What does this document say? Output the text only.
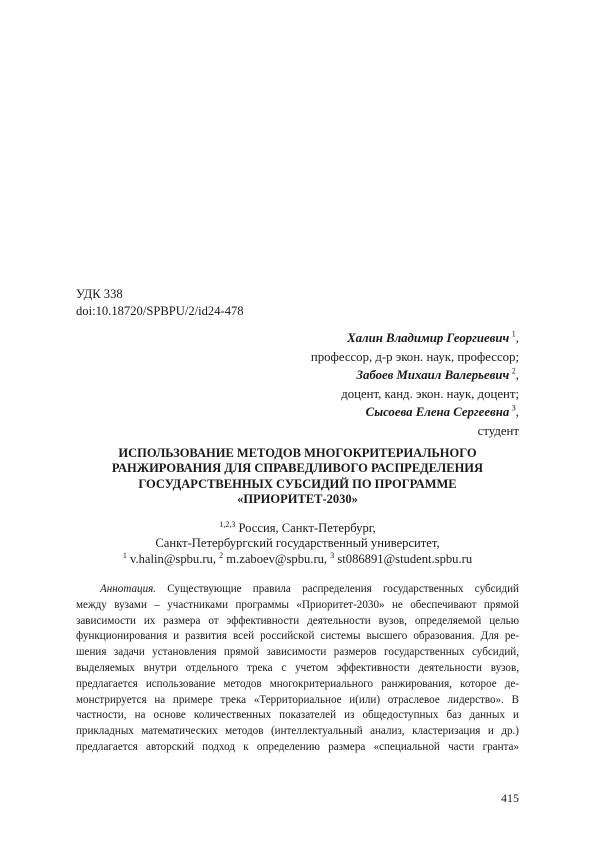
УДК 338
doi:10.18720/SPBPU/2/id24-478
Халин Владимир Георгиевич  $^1$,
профессор, д-р экон. наук, профессор;
Забоев Михаил Валерьевич  $^2$,
доцент, канд. экон. наук, доцент;
Сысоева Елена Сергеевна  $^3$,
студент
ИСПОЛЬЗОВАНИЕ МЕТОДОВ МНОГОКРИТЕРИАЛЬНОГО
РАНЖИРОВАНИЯ ДЛЯ СПРАВЕДЛИВОГО РАСПРЕДЕЛЕНИЯ
ГОСУДАРСТВЕННЫХ СУБСИДИЙ ПО ПРОГРАММЕ
«ПРИОРИТЕТ-2030»
$^{1,2,3}$ Россия, Санкт-Петербург,
Санкт-Петербургский государственный университет,
$^1$ v.halin@spbu.ru, $^2$ m.zaboev@spbu.ru, $^3$ st086891@student.spbu.ru
Аннотация. Существующие правила распределения государственных субсидий
между вузами – участниками программы «Приоритет-2030» не обеспечивают прямой
зависимости их размера от эффективности деятельности вузов, определяемой целью
функционирования и развития всей российской системы высшего образования. Для ре-
шения задачи установления прямой зависимости размеров государственных субсидий,
выделяемых внутри отдельного трека с учетом эффективности деятельности вузов,
предлагается использование методов многокритериального ранжирования, которое де-
монстрируется на примере трека «Территориальное и(или) отраслевое лидерство». В
частности, на основе количественных показателей из общедоступных баз данных и
прикладных математических методов (интеллектуальный анализ, кластеризация и др.)
предлагается авторский подход к определению размера «специальной части гранта»
415
